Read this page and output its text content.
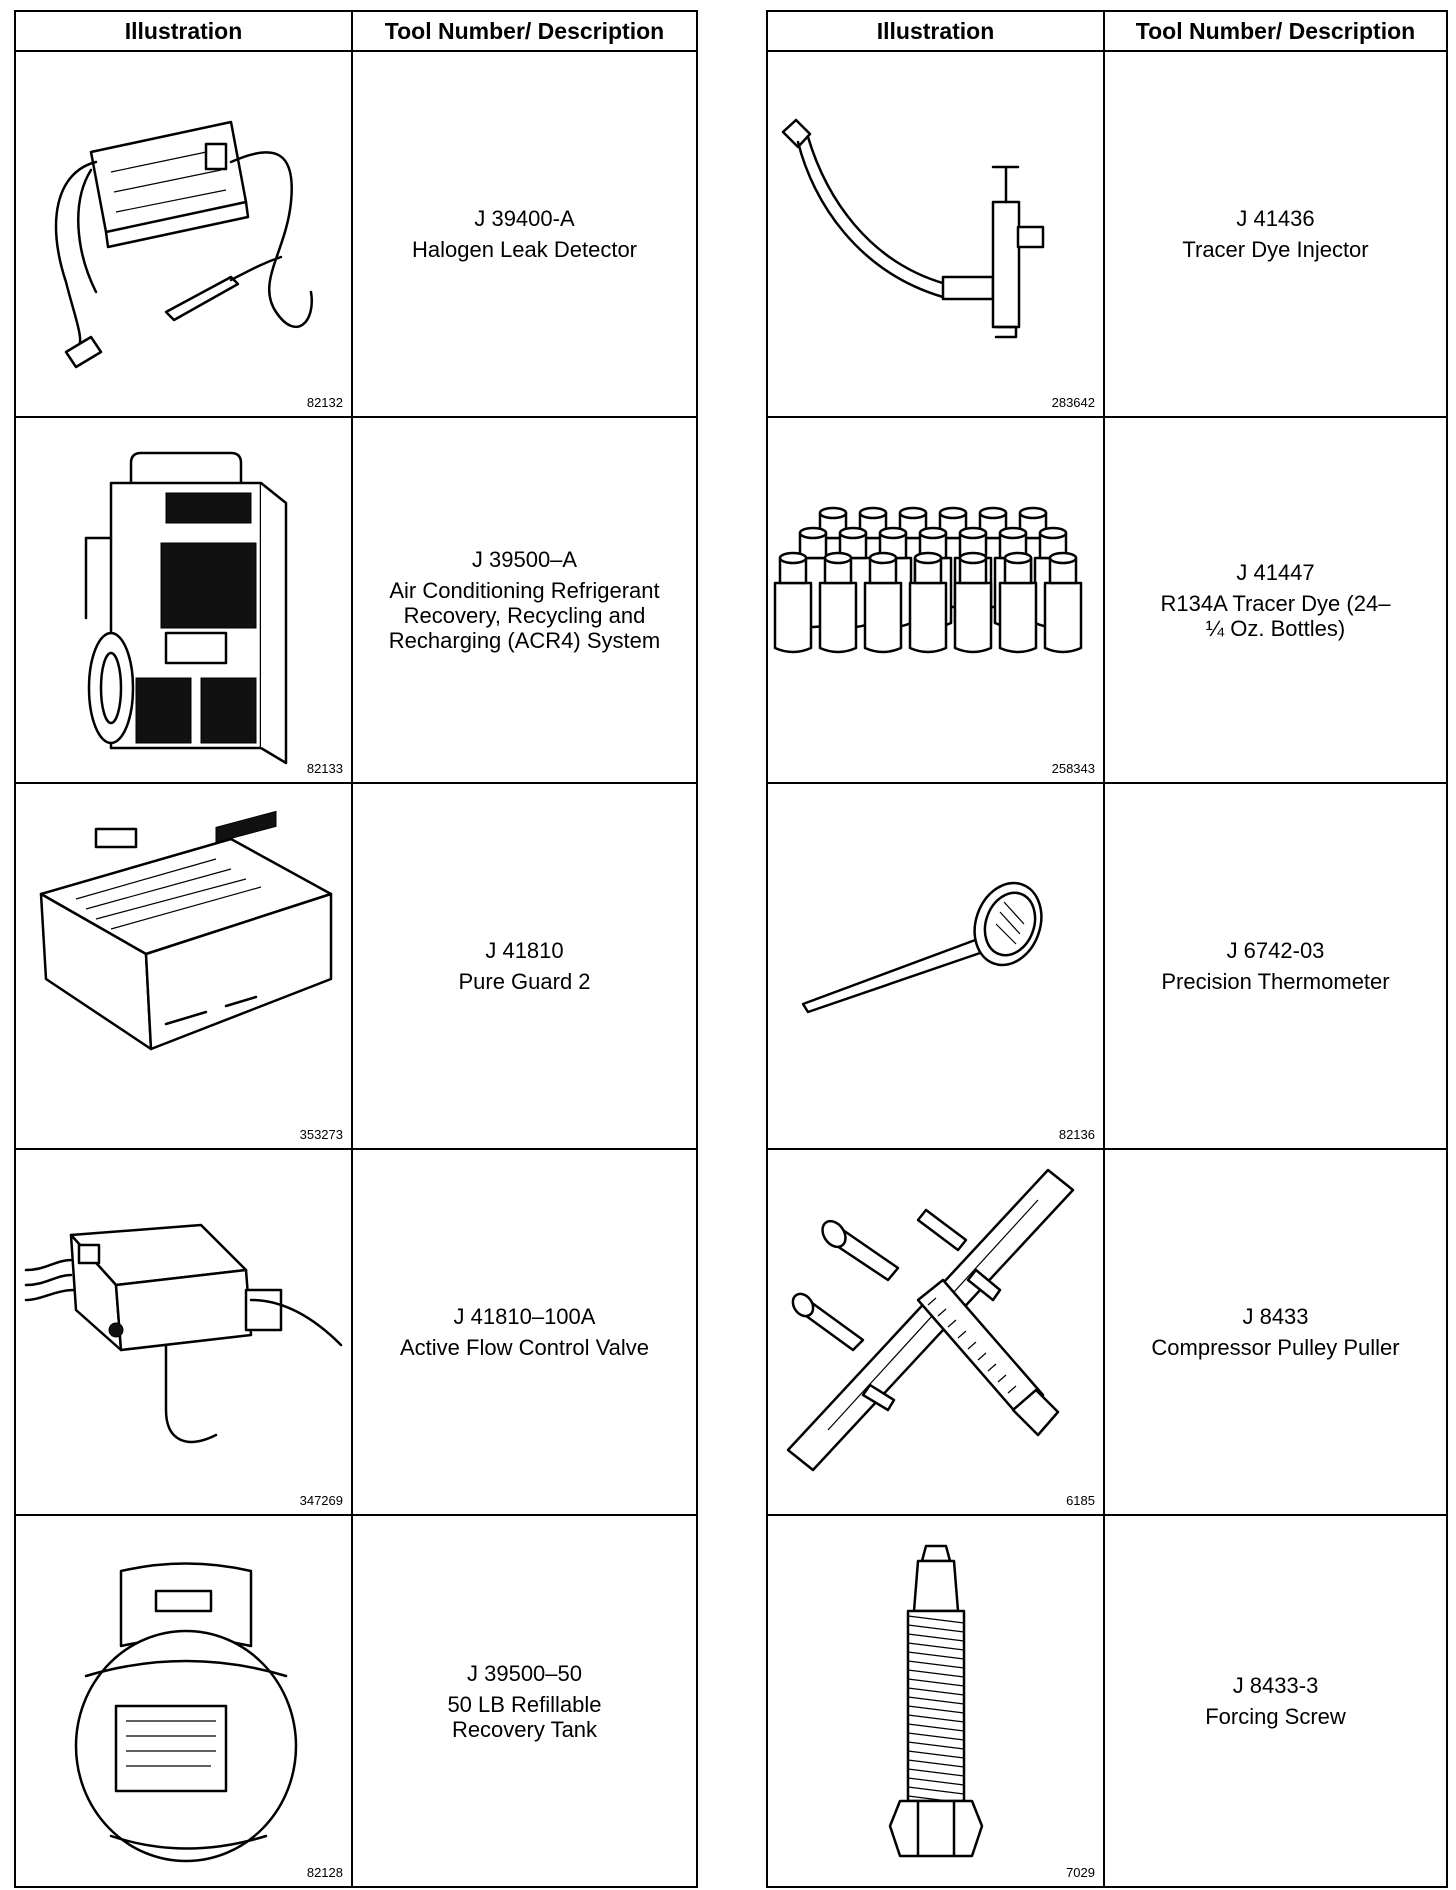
Illustration	Tool Number/ Description
82132
J 39400-A
Halogen Leak Detector
82133
J 39500–A
Air Conditioning Refrigerant
Recovery, Recycling and
Recharging (ACR4) System
353273
J 41810
Pure Guard 2
347269
J 41810–100A
Active Flow Control Valve
82128
J 39500–50
50 LB Refillable
Recovery Tank
Illustration	Tool Number/ Description
283642
J 41436
Tracer Dye Injector
258343
J 41447
R134A Tracer Dye (24–
¼ Oz. Bottles)
82136
J 6742-03
Precision Thermometer
6185
J 8433
Compressor Pulley Puller
7029
J 8433-3
Forcing Screw
